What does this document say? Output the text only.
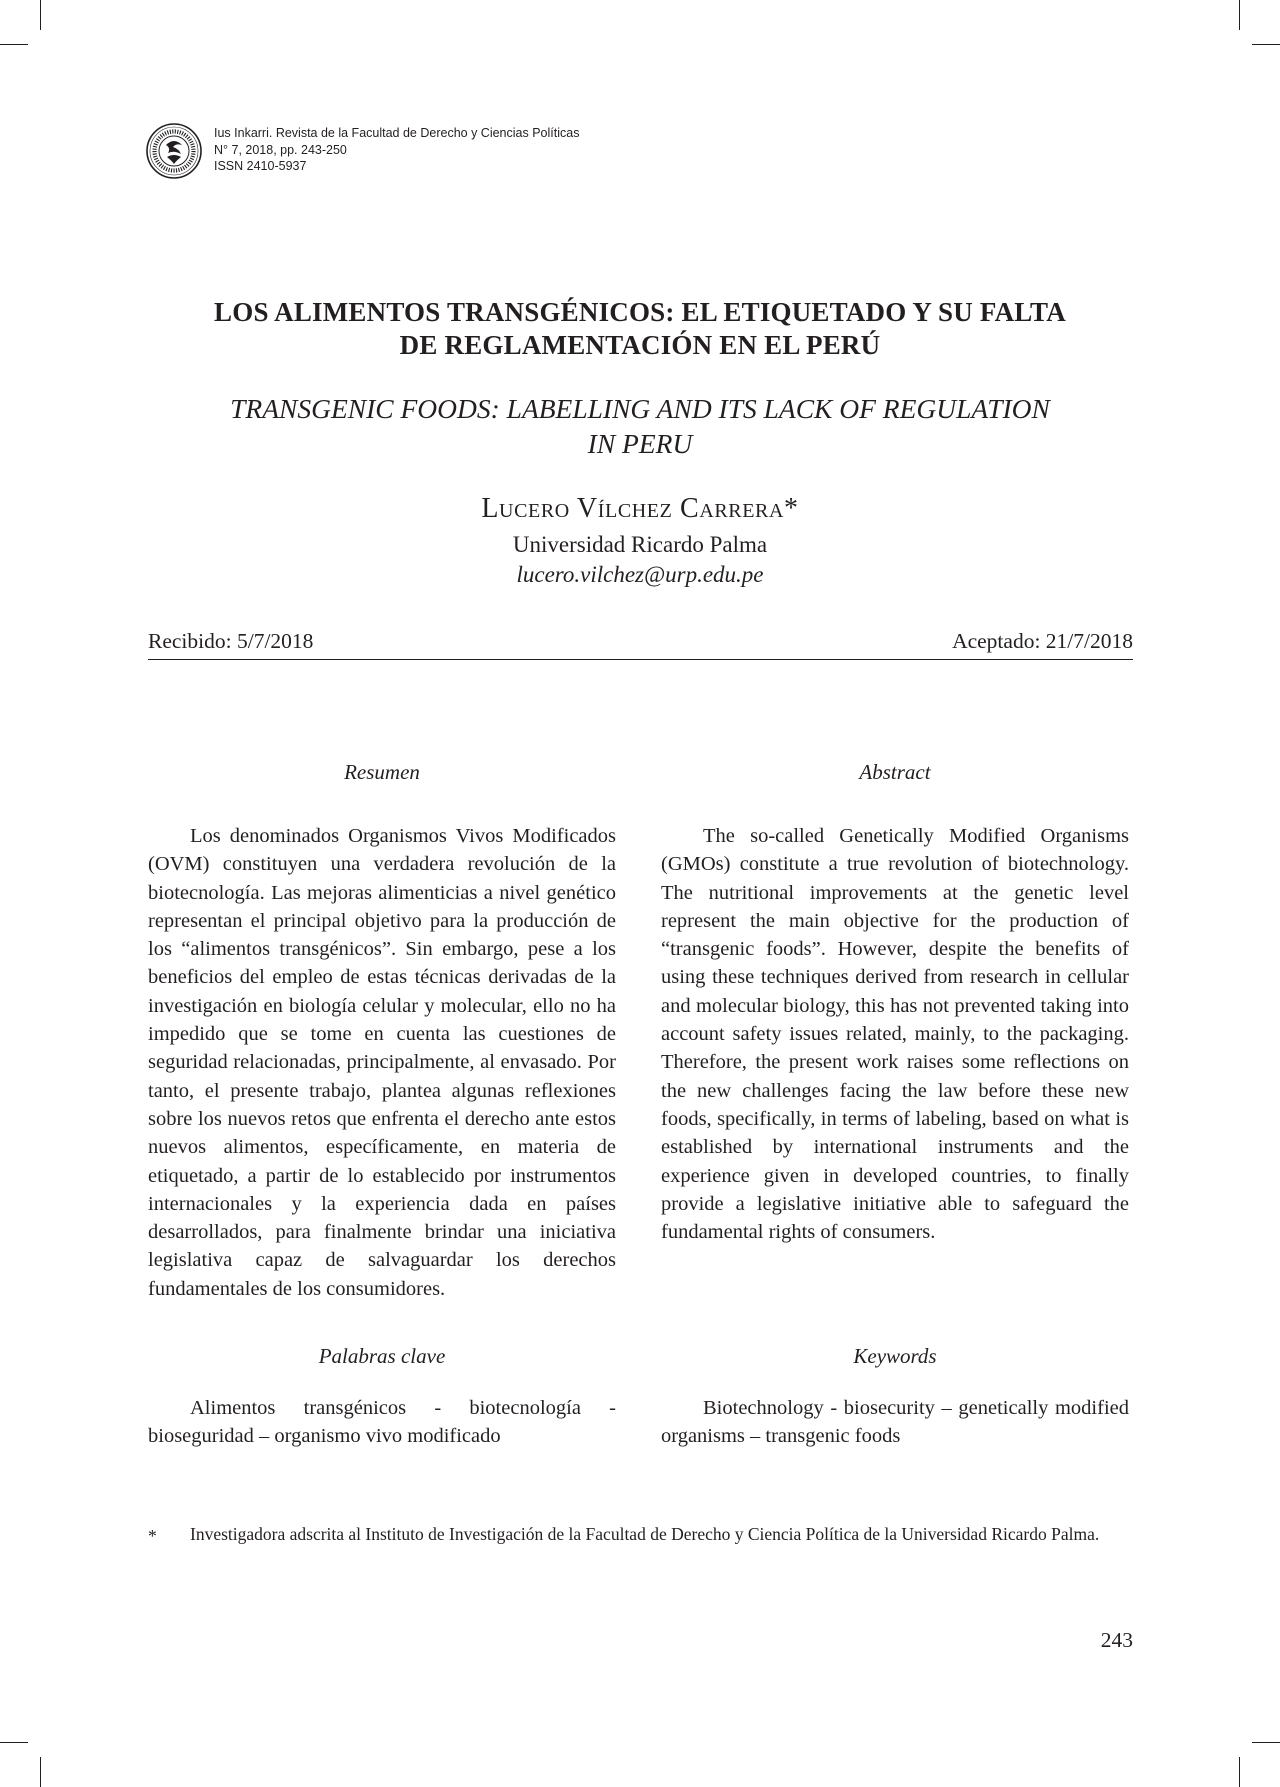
Ius Inkarri. Revista de la Facultad de Derecho y Ciencias Políticas
N° 7, 2018, pp. 243-250
ISSN 2410-5937
LOS ALIMENTOS TRANSGÉNICOS: EL ETIQUETADO Y SU FALTA
DE REGLAMENTACIÓN EN EL PERÚ
TRANSGENIC FOODS: LABELLING AND ITS LACK OF REGULATION
IN PERU
Lucero Vílchez Carrera*
Universidad Ricardo Palma
lucero.vilchez@urp.edu.pe
Recibido: 5/7/2018	Aceptado: 21/7/2018
Resumen

Los denominados Organismos Vivos Modificados (OVM) constituyen una verdadera revolución de la biotecnología. Las mejoras alimenticias a nivel genético representan el principal objetivo para la producción de los “alimentos transgénicos”. Sin embargo, pese a los beneficios del empleo de estas técnicas derivadas de la investigación en biología celular y molecular, ello no ha impedido que se tome en cuenta las cuestiones de seguridad relacionadas, principalmente, al envasado. Por tanto, el presente trabajo, plantea algunas reflexiones sobre los nuevos retos que enfrenta el derecho ante estos nuevos alimentos, específicamente, en materia de etiquetado, a partir de lo establecido por instrumentos internacionales y la experiencia dada en países desarrollados, para finalmente brindar una iniciativa legislativa capaz de salvaguardar los derechos fundamentales de los consumidores.

Abstract

The so-called Genetically Modified Organisms (GMOs) constitute a true revolution of biotechnology. The nutritional improvements at the genetic level represent the main objective for the production of “transgenic foods”. However, despite the benefits of using these techniques derived from research in cellular and molecular biology, this has not prevented taking into account safety issues related, mainly, to the packaging. Therefore, the present work raises some reflections on the new challenges facing the law before these new foods, specifically, in terms of labeling, based on what is established by international instruments and the experience given in developed countries, to finally provide a legislative initiative able to safeguard the fundamental rights of consumers.

Palabras clave

Alimentos transgénicos - biotecnología - bioseguridad – organismo vivo modificado

Keywords

Biotechnology - biosecurity – genetically modified organisms – transgenic foods

*	Investigadora adscrita al Instituto de Investigación de la Facultad de Derecho y Ciencia Política de la Universidad Ricardo Palma.
243
